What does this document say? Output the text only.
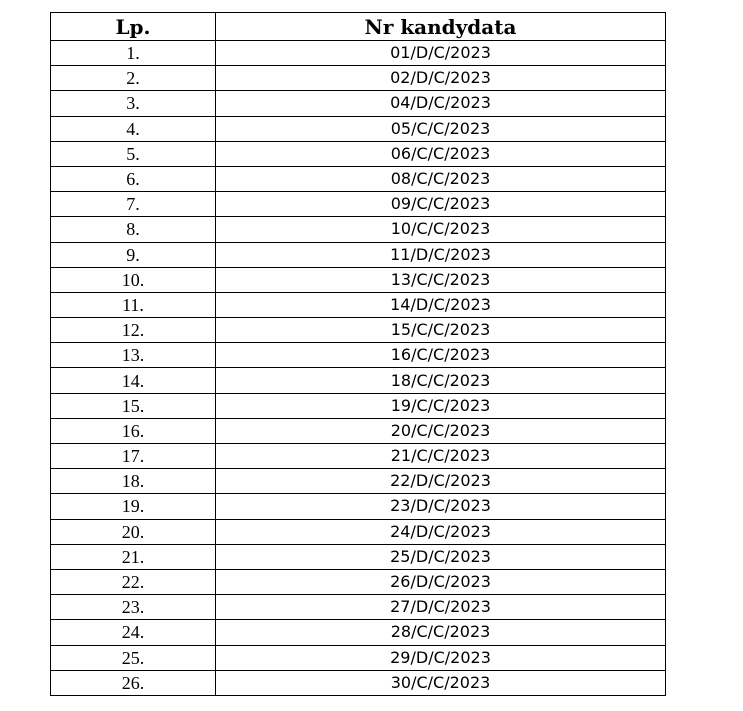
Lp.	Nr kandydata
1.	01/D/C/2023
2.	02/D/C/2023
3.	04/D/C/2023
4.	05/C/C/2023
5.	06/C/C/2023
6.	08/C/C/2023
7.	09/C/C/2023
8.	10/C/C/2023
9.	11/D/C/2023
10.	13/C/C/2023
11.	14/D/C/2023
12.	15/C/C/2023
13.	16/C/C/2023
14.	18/C/C/2023
15.	19/C/C/2023
16.	20/C/C/2023
17.	21/C/C/2023
18.	22/D/C/2023
19.	23/D/C/2023
20.	24/D/C/2023
21.	25/D/C/2023
22.	26/D/C/2023
23.	27/D/C/2023
24.	28/C/C/2023
25.	29/D/C/2023
26.	30/C/C/2023
